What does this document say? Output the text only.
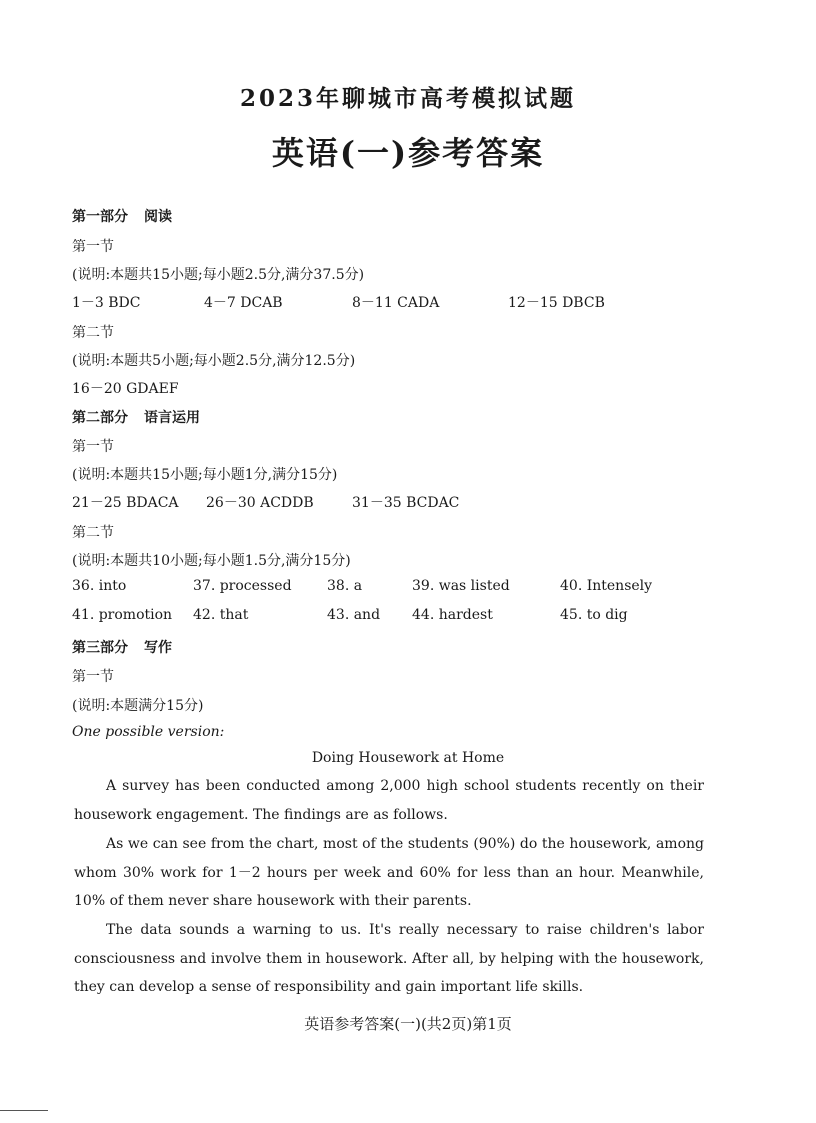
2023年聊城市高考模拟试题
英语(一)参考答案
第一部分 阅读
第一节
(说明:本题共15小题;每小题2.5分,满分37.5分)
1－3 BDC	4－7 DCAB	8－11 CADA	12－15 DBCB
第二节
(说明:本题共5小题;每小题2.5分,满分12.5分)
16－20 GDAEF
第二部分 语言运用
第一节
(说明:本题共15小题;每小题1分,满分15分)
21－25 BDACA 26－30 ACDDB	31－35 BCDAC
第二节
(说明:本题共10小题;每小题1.5分,满分15分)
36. into	37. processed	38. a	39. was listed	40. Intensely
41. promotion 42. that	43. and 44. hardest	45. to dig
第三部分 写作
第一节
(说明:本题满分15分)
One possible version:
Doing Housework at Home
A survey has been conducted among 2,000 high school students recently on their housework engagement. The findings are as follows.
As we can see from the chart, most of the students (90%) do the housework, among whom 30% work for 1－2 hours per week and 60% for less than an hour. Meanwhile, 10% of them never share housework with their parents.
The data sounds a warning to us. It's really necessary to raise children's labor consciousness and involve them in housework. After all, by helping with the housework, they can develop a sense of responsibility and gain important life skills.
英语参考答案(一)(共2页)第1页
